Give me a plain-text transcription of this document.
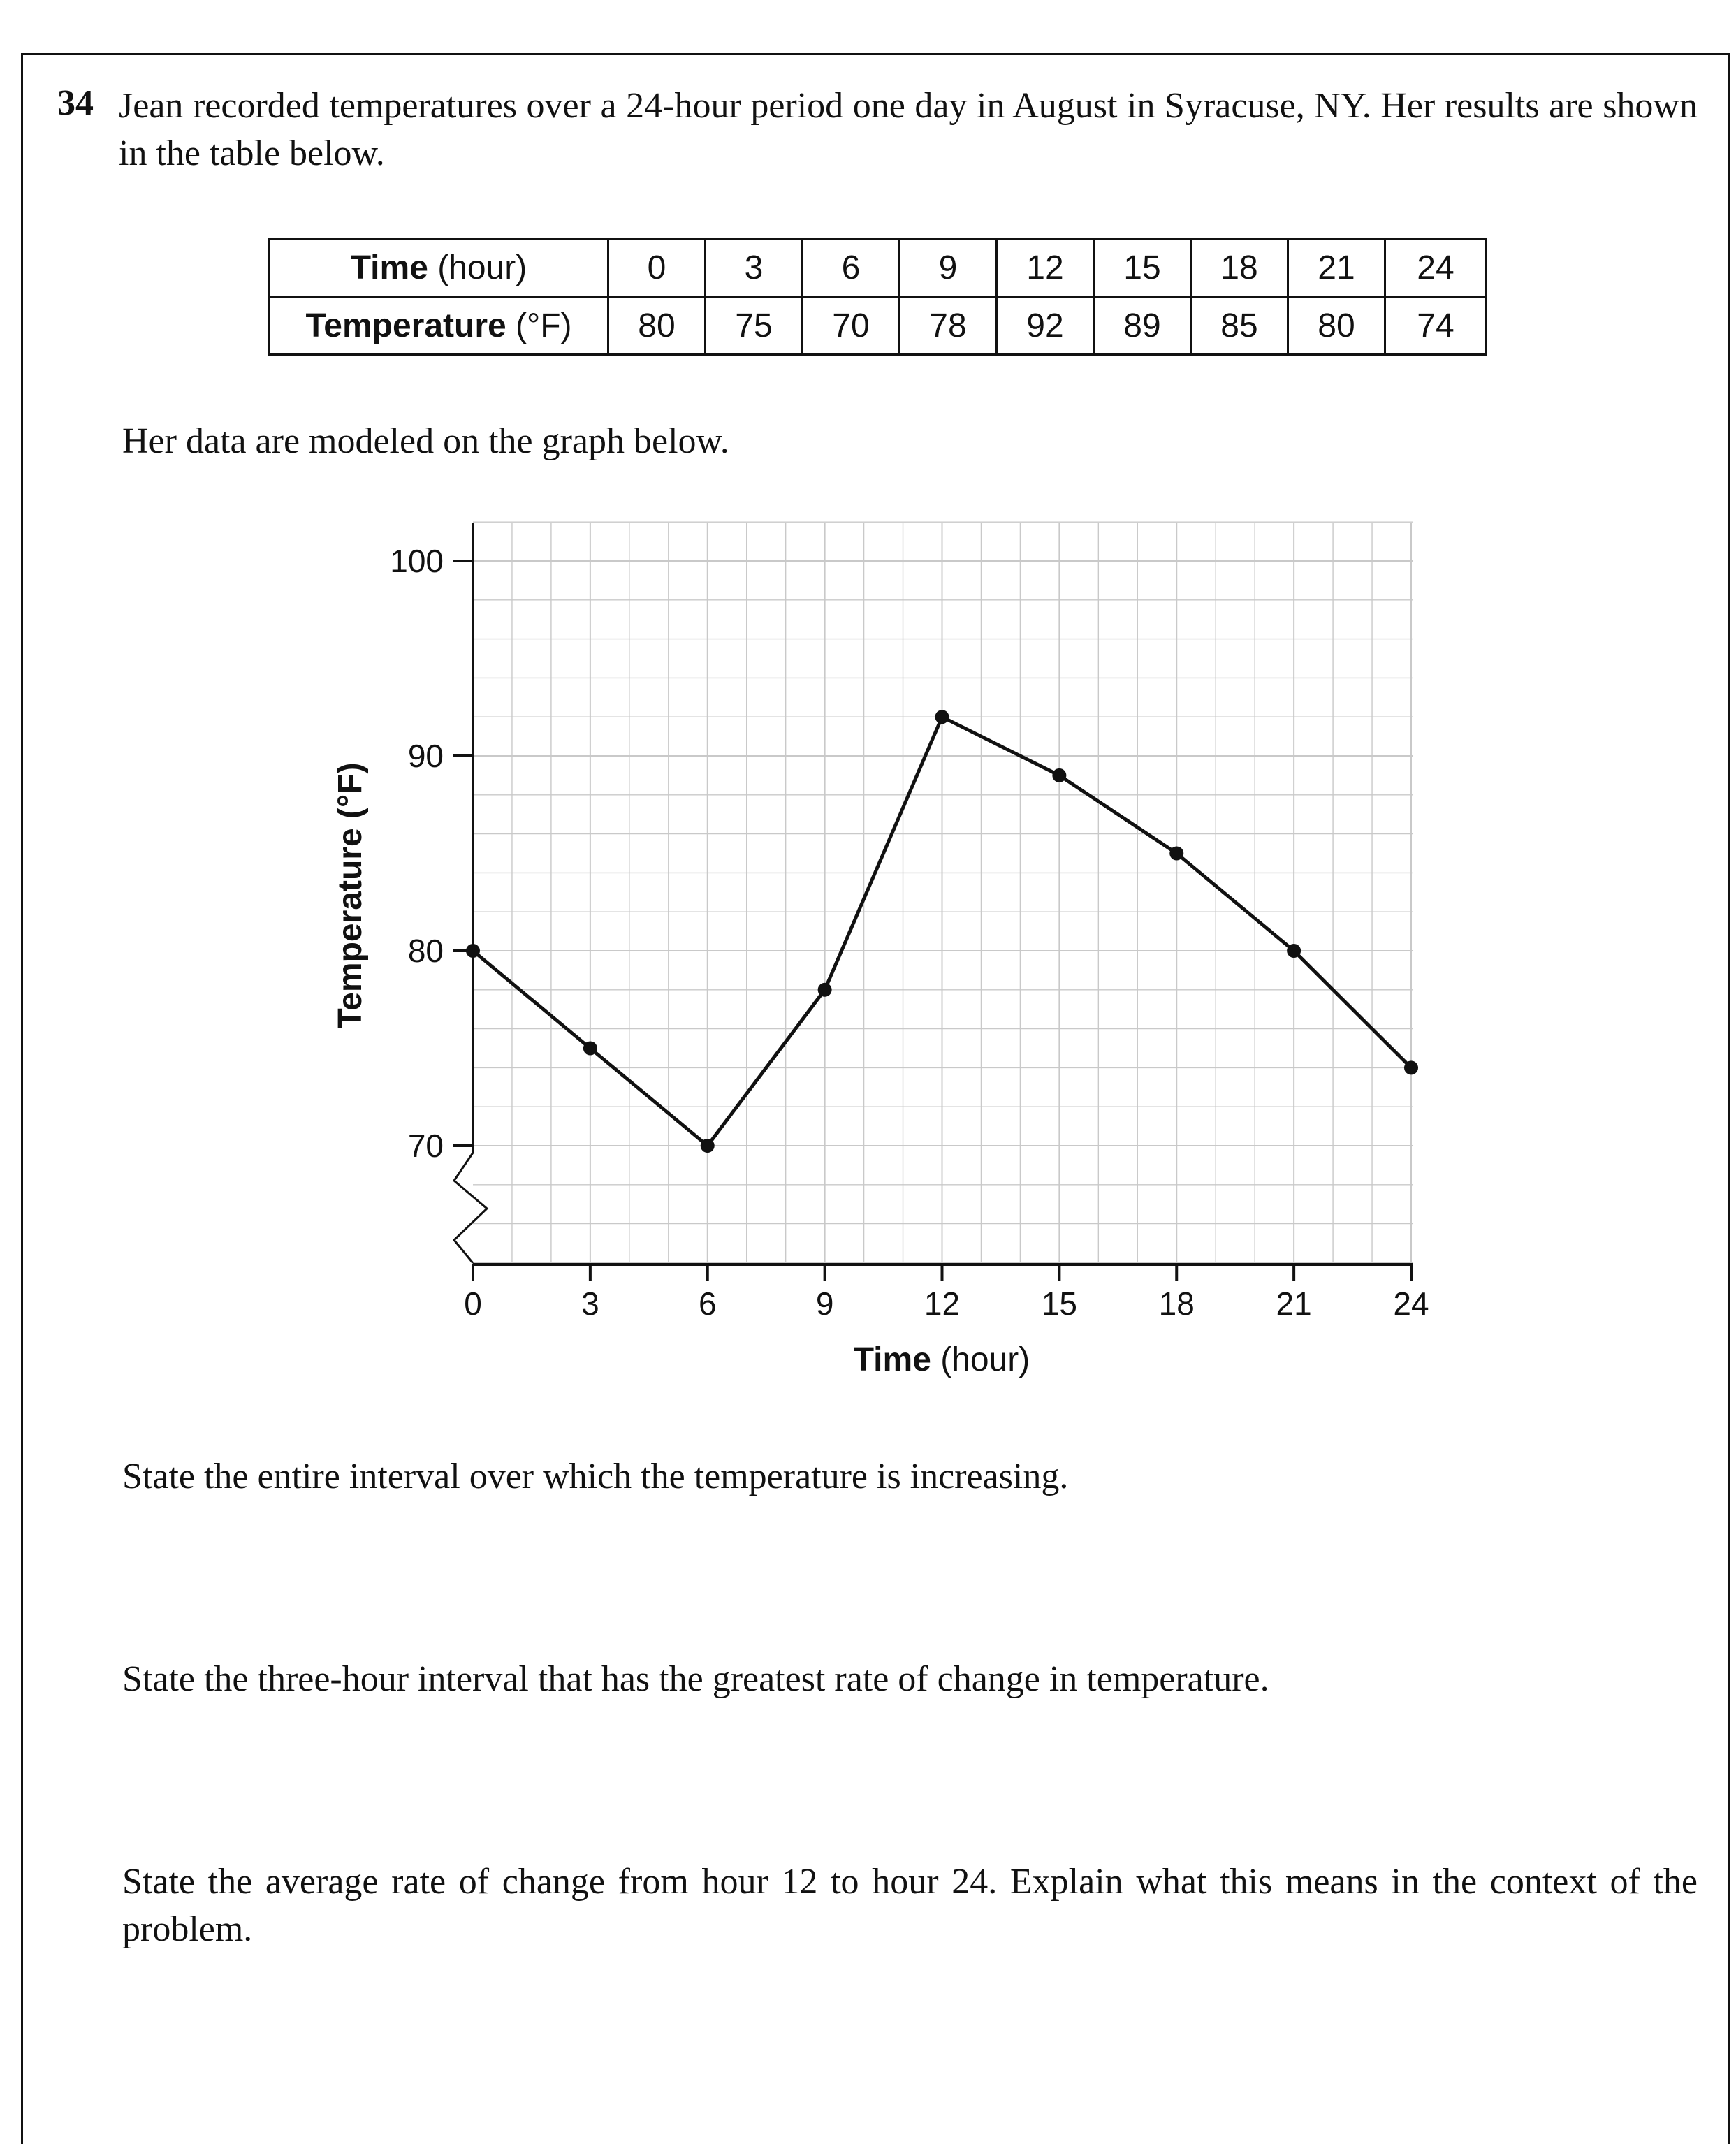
34 Jean recorded temperatures over a 24-hour period one day in August in Syracuse, NY. Her results are shown in the table below.
Time (hour)	0	3	6	9	12	15	18	21	24
Temperature (°F)	80	75	70	78	92	89	85	80	74
Her data are modeled on the graph below.
70
80
90
100
0	3	6	9	12	15	18	21	24
Time (hour)
Temperature (°F)
State the entire interval over which the temperature is increasing.
State the three-hour interval that has the greatest rate of change in temperature.
State the average rate of change from hour 12 to hour 24. Explain what this means in the context of the problem.
